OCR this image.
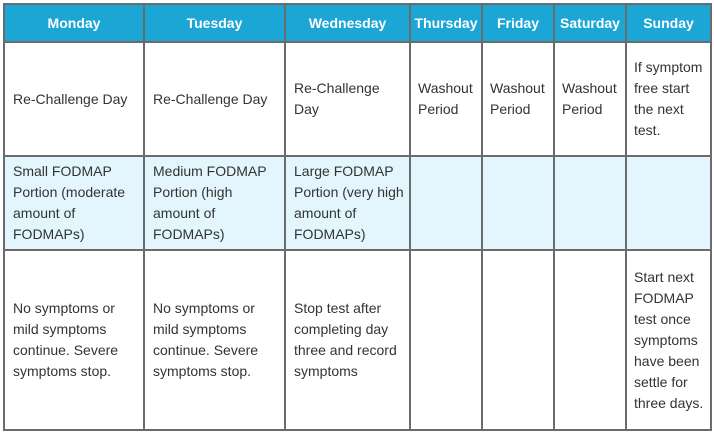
Monday	Tuesday	Wednesday	Thursday	Friday	Saturday	Sunday
Re-Challenge Day	Re-Challenge Day	Re-Challenge Day	Washout Period	Washout Period	Washout Period	If symptom free start the next test.
Small FODMAP Portion (moderate amount of FODMAPs)	Medium FODMAP Portion (high amount of FODMAPs)	Large FODMAP Portion (very high amount of FODMAPs)				
No symptoms or mild symptoms continue. Severe symptoms stop.	No symptoms or mild symptoms continue. Severe symptoms stop.	Stop test after completing day three and record symptoms				Start next FODMAP test once symptoms have been settle for three days.
